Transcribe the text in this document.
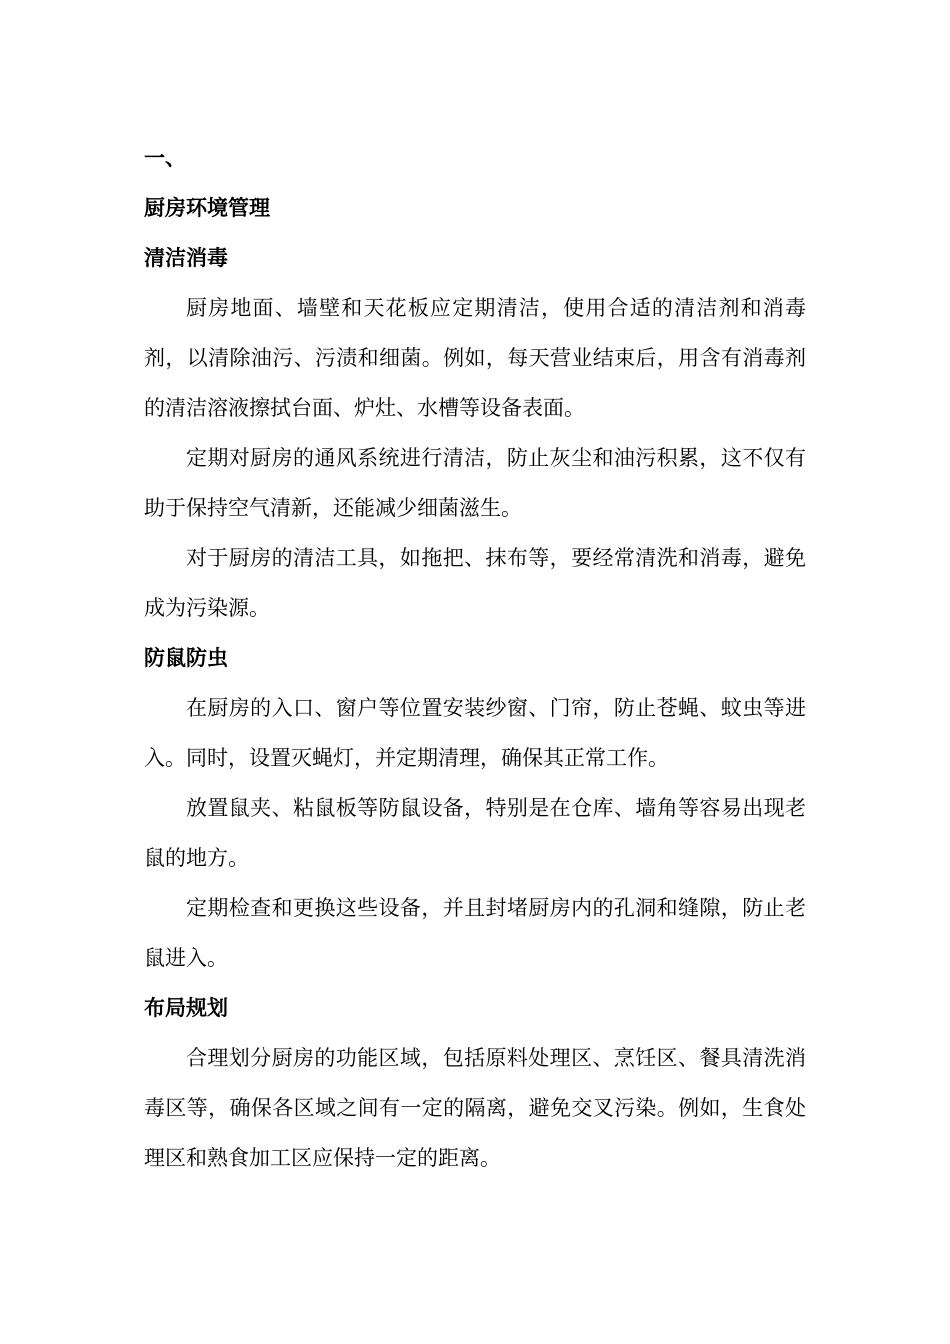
一、
厨房环境管理
清洁消毒

厨房地面、墙壁和天花板应定期清洁，使用合适的清洁剂和消毒剂，以清除油污、污渍和细菌。例如，每天营业结束后，用含有消毒剂的清洁溶液擦拭台面、炉灶、水槽等设备表面。

定期对厨房的通风系统进行清洁，防止灰尘和油污积累，这不仅有助于保持空气清新，还能减少细菌滋生。

对于厨房的清洁工具，如拖把、抹布等，要经常清洗和消毒，避免成为污染源。

防鼠防虫

在厨房的入口、窗户等位置安装纱窗、门帘，防止苍蝇、蚊虫等进入。同时，设置灭蝇灯，并定期清理，确保其正常工作。

放置鼠夹、粘鼠板等防鼠设备，特别是在仓库、墙角等容易出现老鼠的地方。

定期检查和更换这些设备，并且封堵厨房内的孔洞和缝隙，防止老鼠进入。

布局规划

合理划分厨房的功能区域，包括原料处理区、烹饪区、餐具清洗消毒区等，确保各区域之间有一定的隔离，避免交叉污染。例如，生食处理区和熟食加工区应保持一定的距离。
